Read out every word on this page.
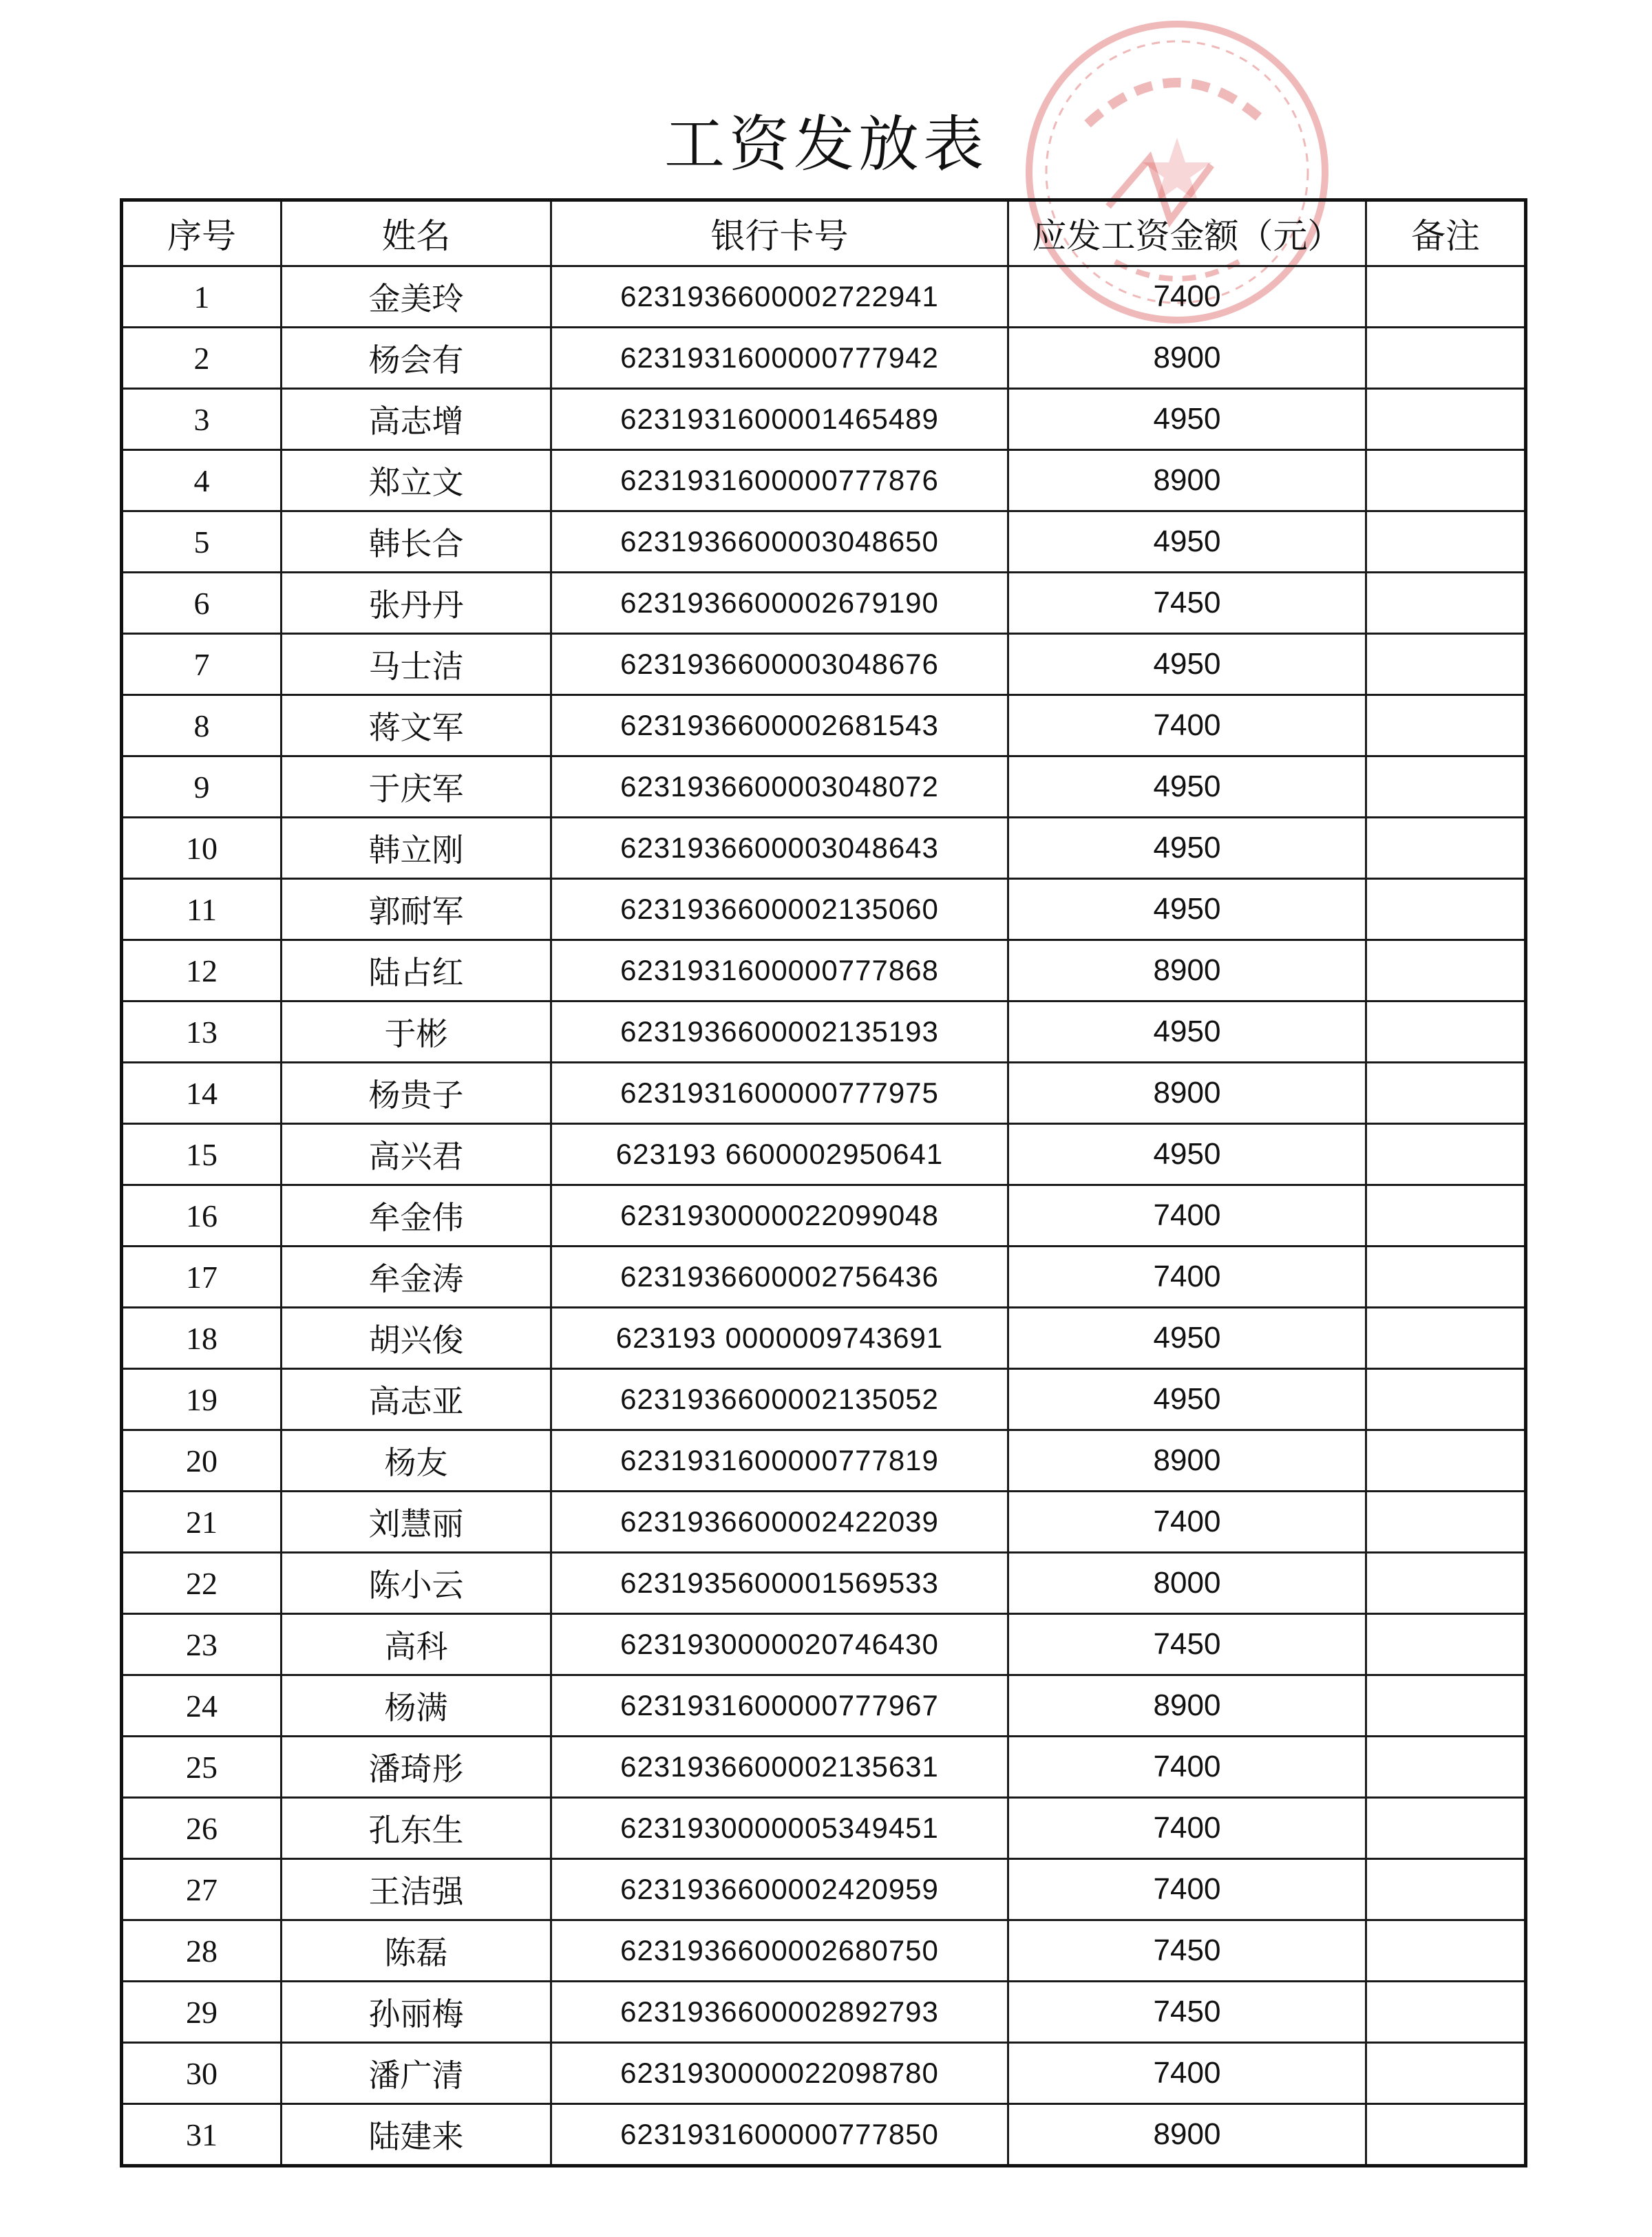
工资发放表
序号	姓名	银行卡号	应发工资金额（元）	备注
1	金美玲	6231936600002722941	7400	
2	杨会有	6231931600000777942	8900	
3	高志增	6231931600001465489	4950	
4	郑立文	6231931600000777876	8900	
5	韩长合	6231936600003048650	4950	
6	张丹丹	6231936600002679190	7450	
7	马士洁	6231936600003048676	4950	
8	蒋文军	6231936600002681543	7400	
9	于庆军	6231936600003048072	4950	
10	韩立刚	6231936600003048643	4950	
11	郭耐军	6231936600002135060	4950	
12	陆占红	6231931600000777868	8900	
13	于彬	6231936600002135193	4950	
14	杨贵子	6231931600000777975	8900	
15	高兴君	623193 6600002950641	4950	
16	牟金伟	6231930000022099048	7400	
17	牟金涛	6231936600002756436	7400	
18	胡兴俊	623193 0000009743691	4950	
19	高志亚	6231936600002135052	4950	
20	杨友	6231931600000777819	8900	
21	刘慧丽	6231936600002422039	7400	
22	陈小云	6231935600001569533	8000	
23	高科	6231930000020746430	7450	
24	杨满	6231931600000777967	8900	
25	潘琦彤	6231936600002135631	7400	
26	孔东生	6231930000005349451	7400	
27	王洁强	6231936600002420959	7400	
28	陈磊	6231936600002680750	7450	
29	孙丽梅	6231936600002892793	7450	
30	潘广清	6231930000022098780	7400	
31	陆建来	6231931600000777850	8900	
